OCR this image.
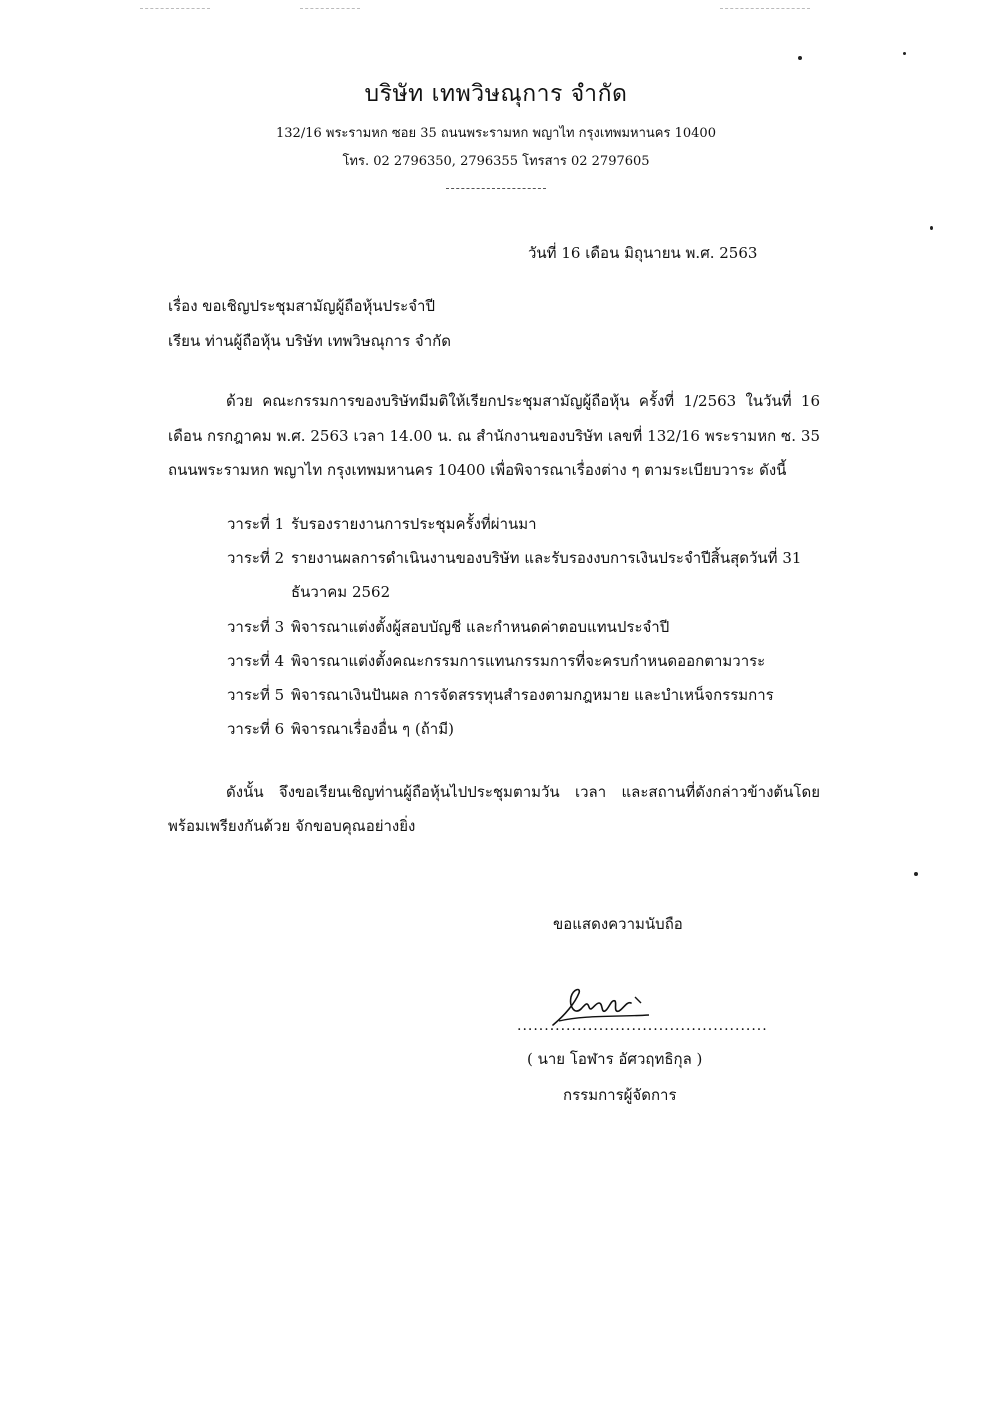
บริษัท เทพวิษณุการ จำกัด
132/16 พระรามหก ซอย 35 ถนนพระรามหก พญาไท กรุงเทพมหานคร 10400
โทร. 02 2796350, 2796355 โทรสาร 02 2797605
วันที่ 16 เดือน มิถุนายน พ.ศ. 2563
เรื่อง ขอเชิญประชุมสามัญผู้ถือหุ้นประจำปี
เรียน ท่านผู้ถือหุ้น บริษัท เทพวิษณุการ จำกัด
ด้วย คณะกรรมการของบริษัทมีมติให้เรียกประชุมสามัญผู้ถือหุ้น ครั้งที่ 1/2563 ในวันที่ 16 เดือน กรกฎาคม พ.ศ. 2563 เวลา 14.00 น. ณ สำนักงานของบริษัท เลขที่ 132/16 พระรามหก ซ. 35 ถนนพระรามหก พญาไท กรุงเทพมหานคร 10400 เพื่อพิจารณาเรื่องต่าง ๆ ตามระเบียบวาระ ดังนี้
วาระที่ 1 รับรองรายงานการประชุมครั้งที่ผ่านมา
วาระที่ 2 รายงานผลการดำเนินงานของบริษัท และรับรองงบการเงินประจำปีสิ้นสุดวันที่ 31 ธันวาคม 2562
วาระที่ 3 พิจารณาแต่งตั้งผู้สอบบัญชี และกำหนดค่าตอบแทนประจำปี
วาระที่ 4 พิจารณาแต่งตั้งคณะกรรมการแทนกรรมการที่จะครบกำหนดออกตามวาระ
วาระที่ 5 พิจารณาเงินปันผล การจัดสรรทุนสำรองตามกฎหมาย และบำเหน็จกรรมการ
วาระที่ 6 พิจารณาเรื่องอื่น ๆ (ถ้ามี)
ดังนั้น จึงขอเรียนเชิญท่านผู้ถือหุ้นไปประชุมตามวัน เวลา และสถานที่ดังกล่าวข้างต้นโดยพร้อมเพรียงกันด้วย จักขอบคุณอย่างยิ่ง
ขอแสดงความนับถือ
..............................................
( นาย โอฬาร อัศวฤทธิกุล )
กรรมการผู้จัดการ
